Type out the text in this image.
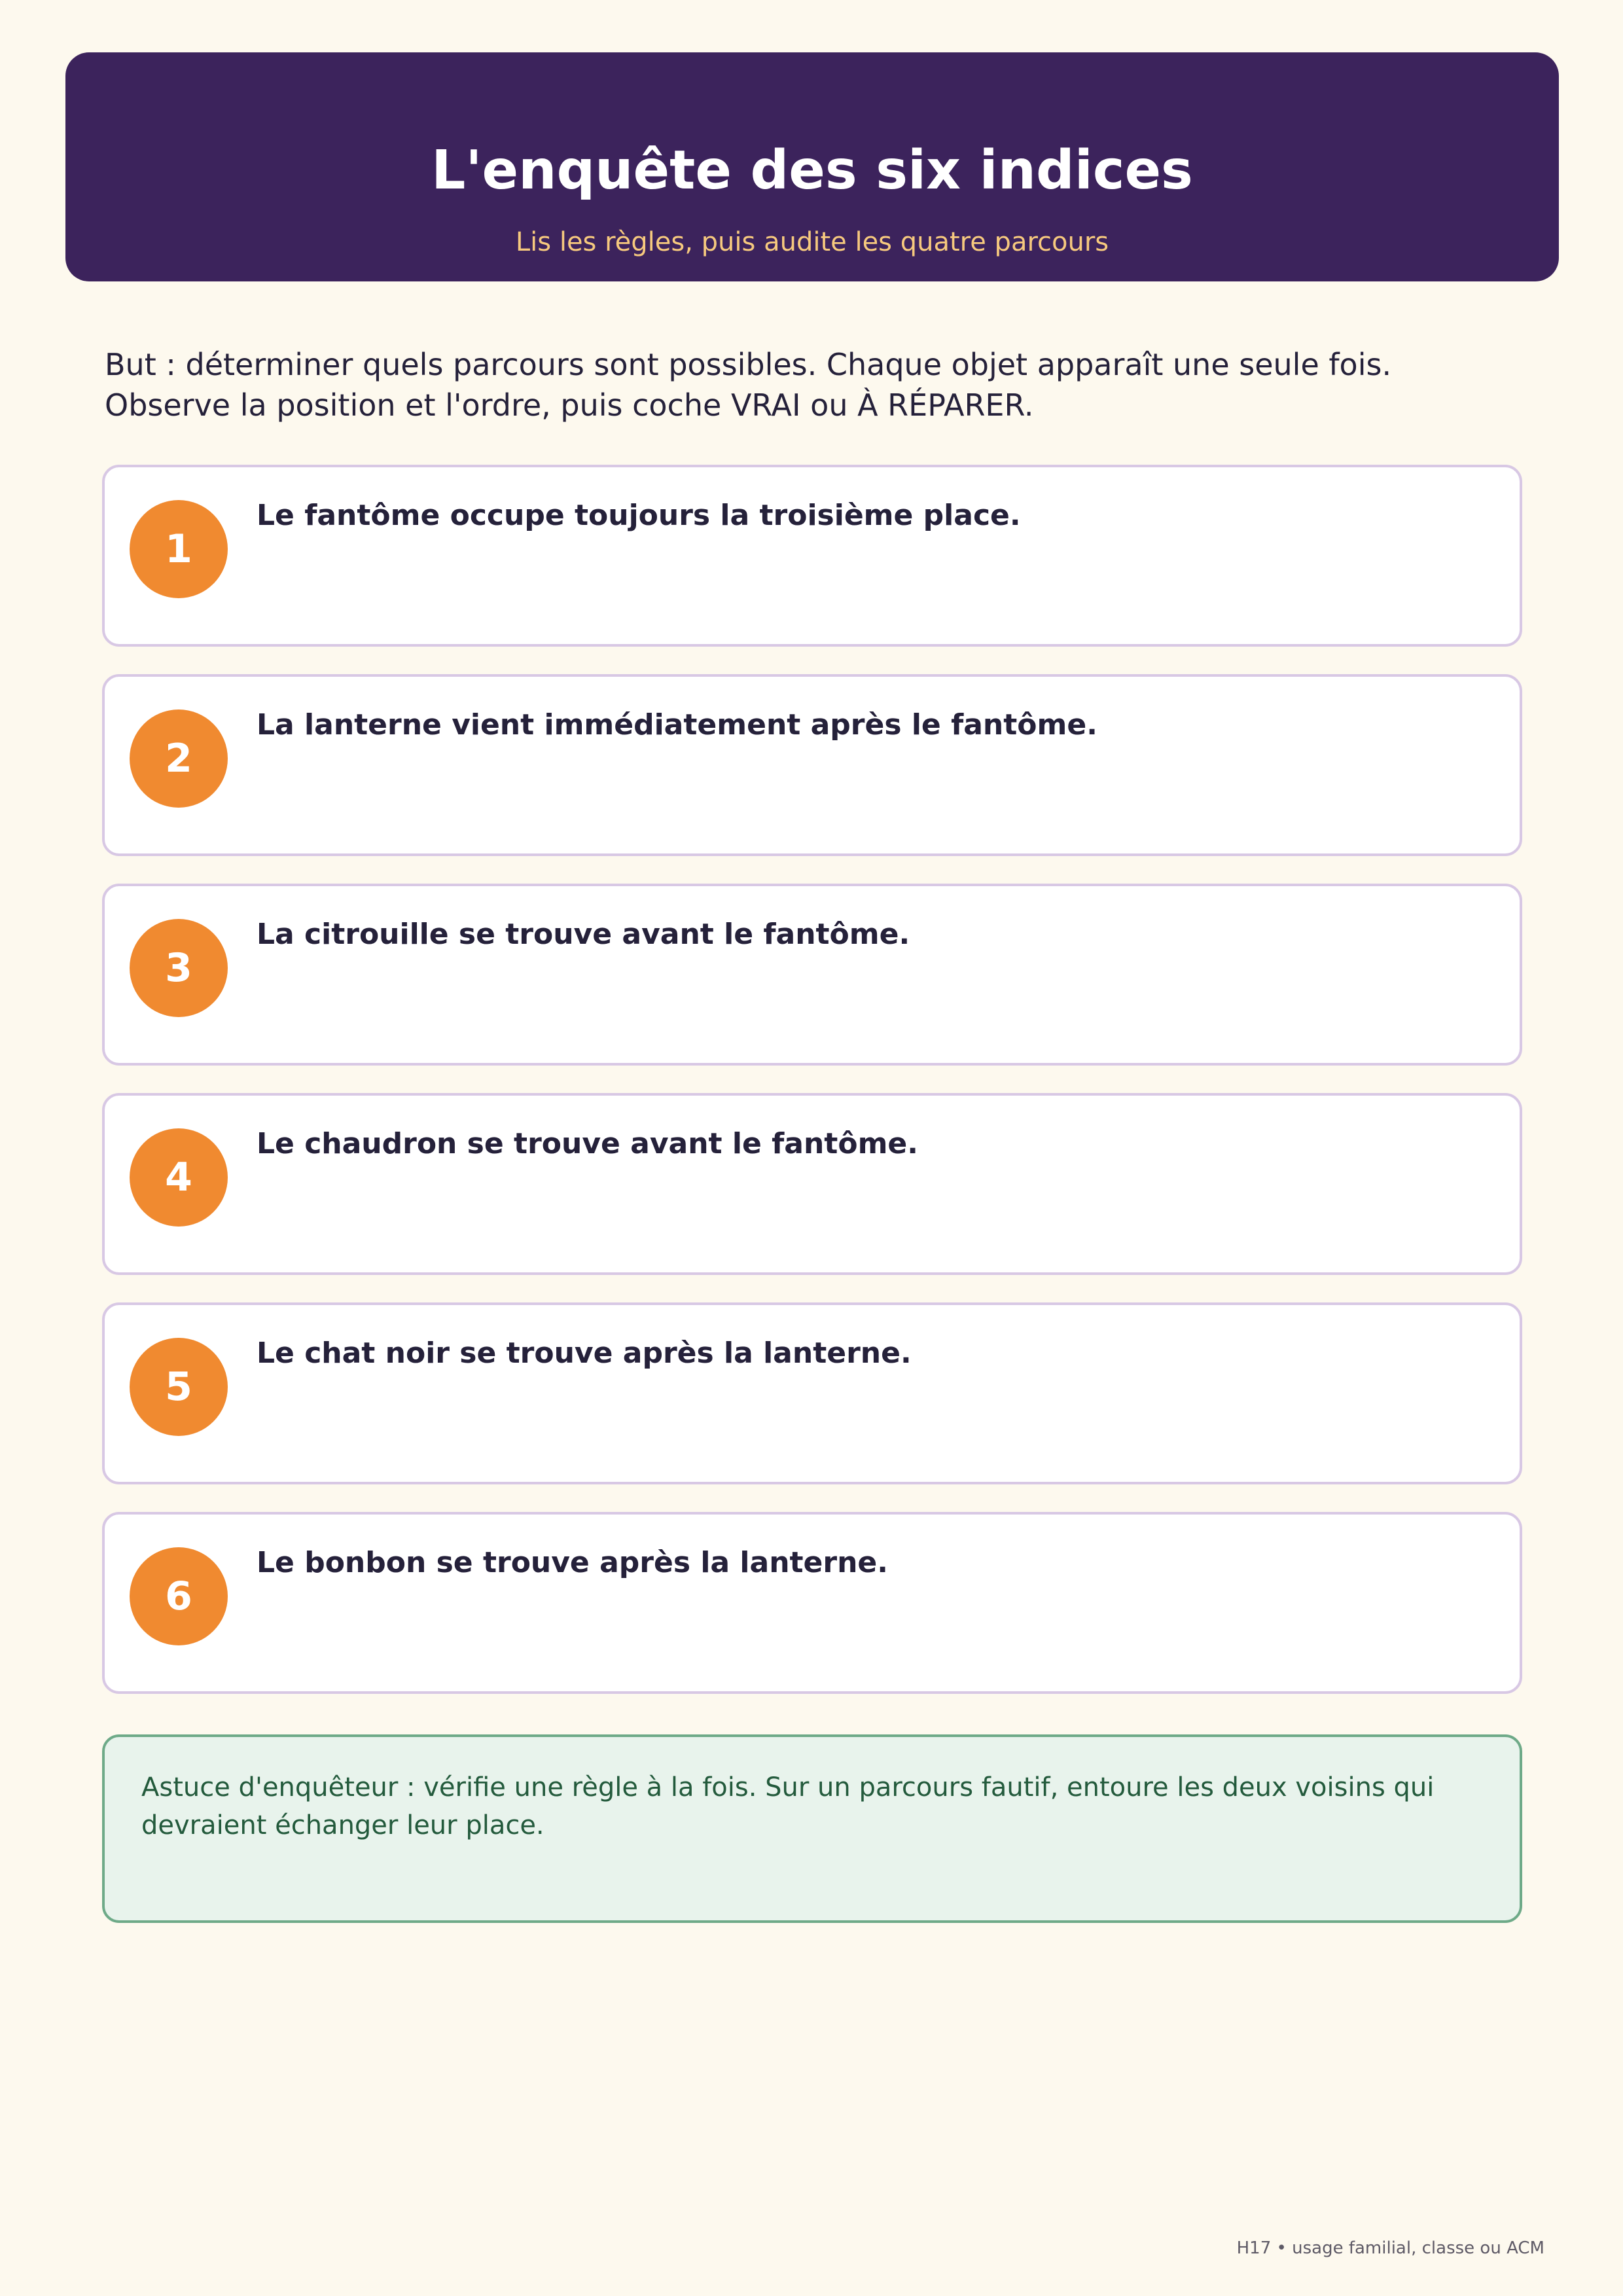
L'enquête des six indices
Lis les règles, puis audite les quatre parcours
But : déterminer quels parcours sont possibles. Chaque objet apparaît une seule fois.
Observe la position et l'ordre, puis coche VRAI ou À RÉPARER.
1
Le fantôme occupe toujours la troisième place.
2
La lanterne vient immédiatement après le fantôme.
3
La citrouille se trouve avant le fantôme.
4
Le chaudron se trouve avant le fantôme.
5
Le chat noir se trouve après la lanterne.
6
Le bonbon se trouve après la lanterne.
Astuce d'enquêteur : vérifie une règle à la fois. Sur un parcours fautif, entoure les deux voisins qui devraient échanger leur place.
H17 • usage familial, classe ou ACM
